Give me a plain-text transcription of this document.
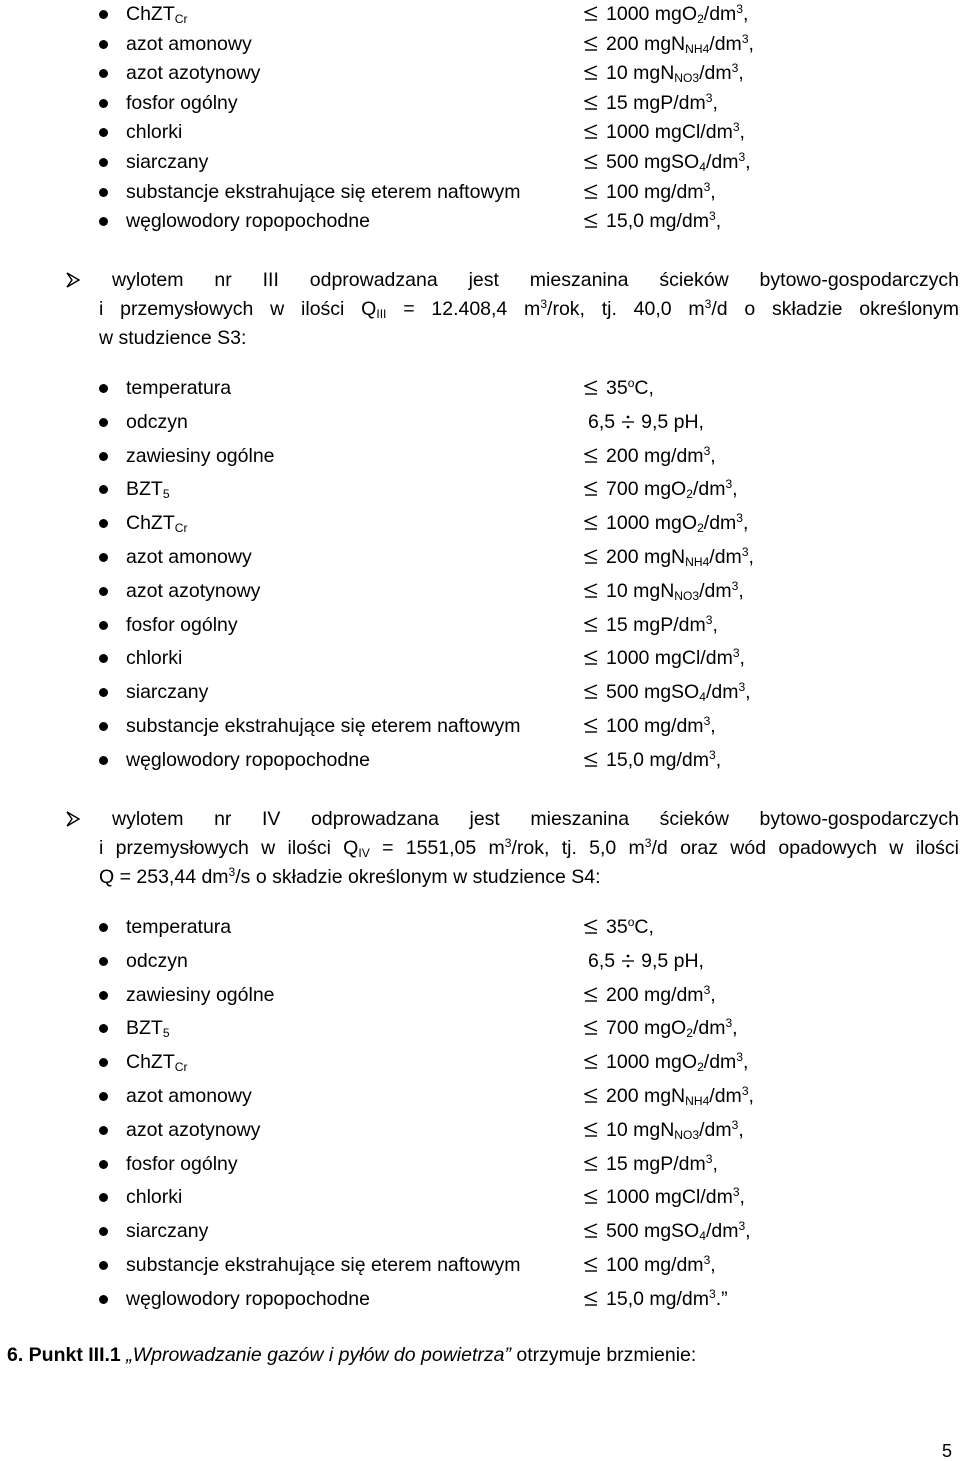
ChZT$_{Cr}$	1000 $mgO_2/dm^3$,
azot amonowy	200 $mgN_{NH4}/dm^3$,
azot azotynowy	10 $mgN_{NO3}/dm^3$,
fosfor ogólny	15 mgP/$dm^3$,
chlorki	1000 mgCl/$dm^3$,
siarczany	500 $mgSO_4/dm^3$,
substancje ekstrahujące się eterem naftowym	100 $mg/dm^3$,
węglowodory ropopochodne	15,0 $mg/dm^3$,

wylotem nr III odprowadzana jest mieszanina ścieków bytowo-gospodarczych

i przemysłowych w ilości $Q_{III} = 12.408,4$ $m^3$/rok, tj. 40,0 $m^3/d$ o składzie określonym

w studzience S3:

temperatura	35$^o$C,
odczyn	6,5 9,5 pH,
zawiesiny ogólne	200 $mg/dm^3$,
$BZT_5$	700 $mgO_2/dm^3$,
ChZT$_{Cr}$	1000 $mgO_2/dm^3$,
azot amonowy	200 $mgN_{NH4}/dm^3$,
azot azotynowy	10 $mgN_{NO3}/dm^3$,
fosfor ogólny	15 mgP/$dm^3$,
chlorki	1000 mgCl/$dm^3$,
siarczany	500 $mgSO_4/dm^3$,
substancje ekstrahujące się eterem naftowym	100 $mg/dm^3$,
węglowodory ropopochodne	15,0 $mg/dm^3$,

wylotem nr IV odprowadzana jest mieszanina ścieków bytowo-gospodarczych

i przemysłowych w ilości $Q_{IV} = 1551,05$ $m^3$/rok, tj. 5,0 $m^3/d$ oraz wód opadowych w ilości

Q = 253,44 $dm^3/s$ o składzie określonym w studzience S4:

temperatura	35$^o$C,
odczyn	6,5 9,5 pH,
zawiesiny ogólne	200 $mg/dm^3$,
$BZT_5$	700 $mgO_2/dm^3$,
ChZT$_{Cr}$	1000 $mgO_2/dm^3$,
azot amonowy	200 $mgN_{NH4}/dm^3$,
azot azotynowy	10 $mgN_{NO3}/dm^3$,
fosfor ogólny	15 mgP/$dm^3$,
chlorki	1000 mgCl/$dm^3$,
siarczany	500 $mgSO_4/dm^3$,
substancje ekstrahujące się eterem naftowym	100 $mg/dm^3$,
węglowodory ropopochodne	15,0 $mg/dm^3$.”
6. Punkt III.1 „Wprowadzanie gazów i pyłów do powietrza” otrzymuje brzmienie:
5
